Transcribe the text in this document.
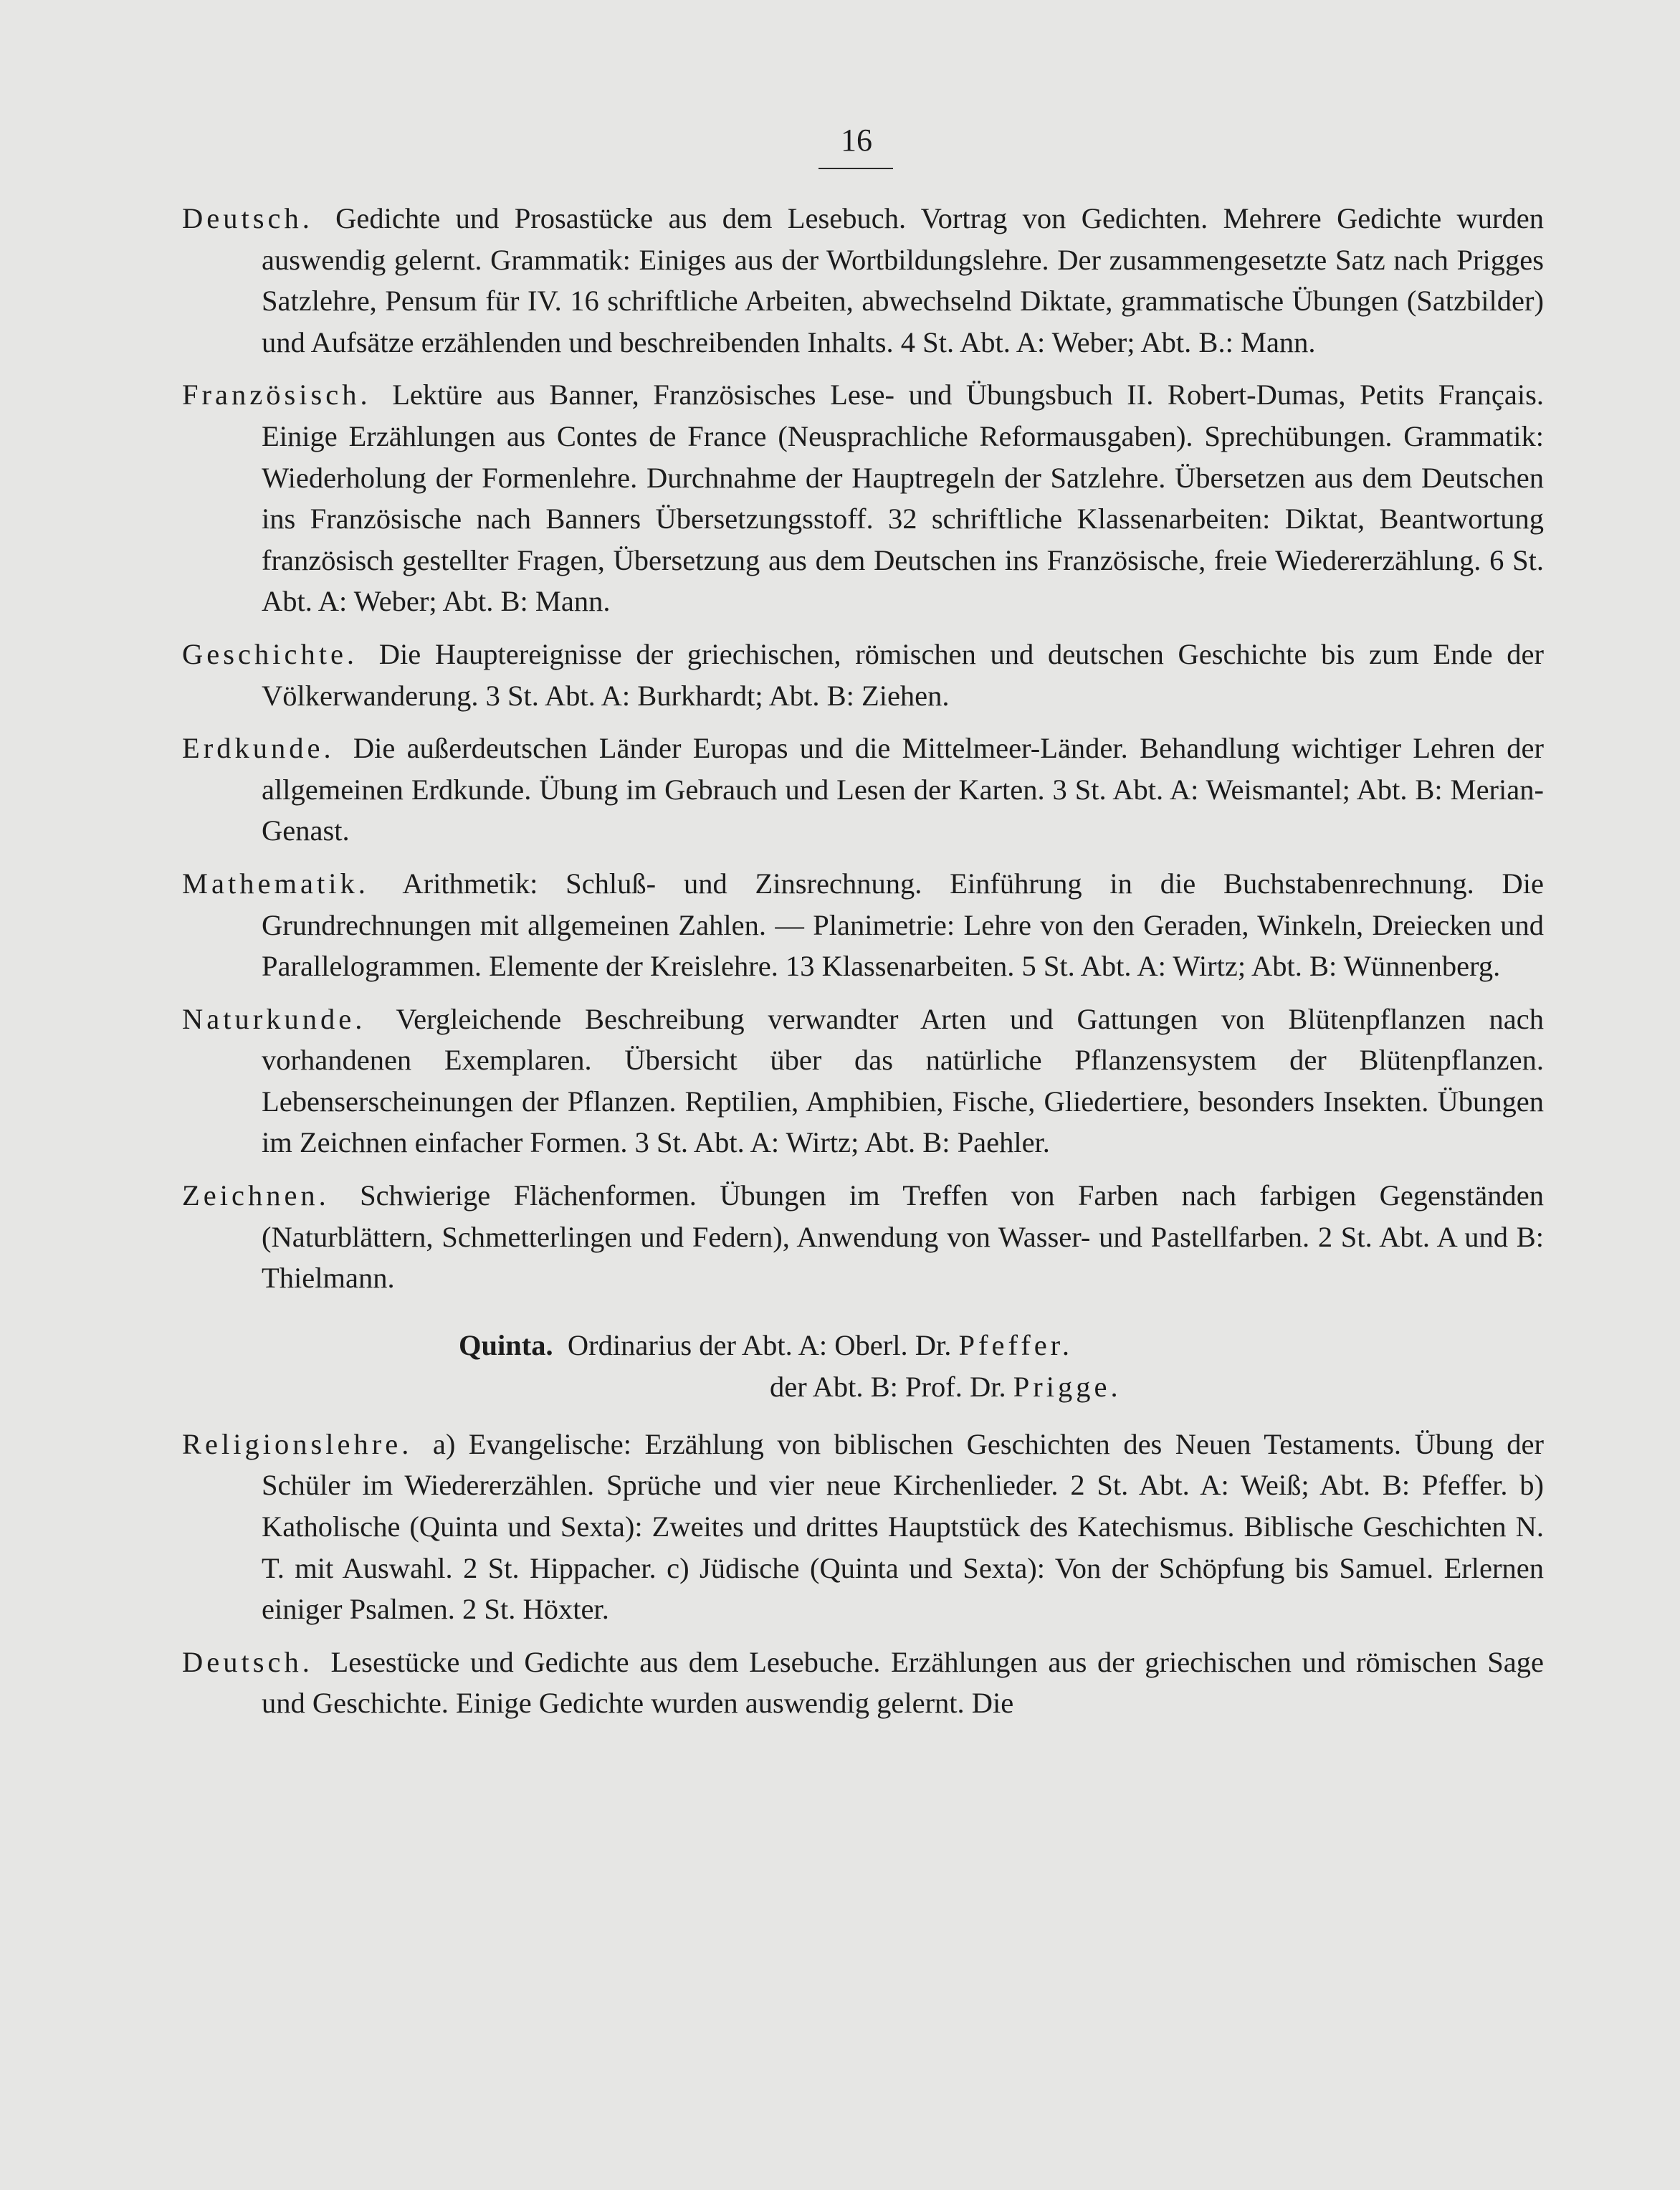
16
Deutsch. Gedichte und Prosastücke aus dem Lesebuch. Vortrag von Gedichten. Mehrere Gedichte wurden auswendig gelernt. Grammatik: Einiges aus der Wortbildungslehre. Der zusammengesetzte Satz nach Prigges Satzlehre, Pensum für IV. 16 schriftliche Arbeiten, abwechselnd Diktate, grammatische Übungen (Satzbilder) und Aufsätze erzählenden und beschreibenden Inhalts. 4 St. Abt. A: Weber; Abt. B.: Mann.
Französisch. Lektüre aus Banner, Französisches Lese- und Übungsbuch II. Robert-Dumas, Petits Français. Einige Erzählungen aus Contes de France (Neusprachliche Reformausgaben). Sprechübungen. Grammatik: Wiederholung der Formenlehre. Durchnahme der Hauptregeln der Satzlehre. Übersetzen aus dem Deutschen ins Französische nach Banners Übersetzungsstoff. 32 schriftliche Klassenarbeiten: Diktat, Beantwortung französisch gestellter Fragen, Übersetzung aus dem Deutschen ins Französische, freie Wiedererzählung. 6 St. Abt. A: Weber; Abt. B: Mann.
Geschichte. Die Hauptereignisse der griechischen, römischen und deutschen Geschichte bis zum Ende der Völkerwanderung. 3 St. Abt. A: Burkhardt; Abt. B: Ziehen.
Erdkunde. Die außerdeutschen Länder Europas und die Mittelmeer-Länder. Behandlung wichtiger Lehren der allgemeinen Erdkunde. Übung im Gebrauch und Lesen der Karten. 3 St. Abt. A: Weismantel; Abt. B: Merian-Genast.
Mathematik. Arithmetik: Schluß- und Zinsrechnung. Einführung in die Buchstabenrechnung. Die Grundrechnungen mit allgemeinen Zahlen. — Planimetrie: Lehre von den Geraden, Winkeln, Dreiecken und Parallelogrammen. Elemente der Kreislehre. 13 Klassenarbeiten. 5 St. Abt. A: Wirtz; Abt. B: Wünnenberg.
Naturkunde. Vergleichende Beschreibung verwandter Arten und Gattungen von Blütenpflanzen nach vorhandenen Exemplaren. Übersicht über das natürliche Pflanzensystem der Blütenpflanzen. Lebenserscheinungen der Pflanzen. Reptilien, Amphibien, Fische, Gliedertiere, besonders Insekten. Übungen im Zeichnen einfacher Formen. 3 St. Abt. A: Wirtz; Abt. B: Paehler.
Zeichnen. Schwierige Flächenformen. Übungen im Treffen von Farben nach farbigen Gegenständen (Naturblättern, Schmetterlingen und Federn), Anwendung von Wasser- und Pastellfarben. 2 St. Abt. A und B: Thielmann.
Quinta. Ordinarius der Abt. A: Oberl. Dr. Pfeffer.
der Abt. B: Prof. Dr. Prigge.
Religionslehre. a) Evangelische: Erzählung von biblischen Geschichten des Neuen Testaments. Übung der Schüler im Wiedererzählen. Sprüche und vier neue Kirchenlieder. 2 St. Abt. A: Weiß; Abt. B: Pfeffer. b) Katholische (Quinta und Sexta): Zweites und drittes Hauptstück des Katechismus. Biblische Geschichten N. T. mit Auswahl. 2 St. Hippacher. c) Jüdische (Quinta und Sexta): Von der Schöpfung bis Samuel. Erlernen einiger Psalmen. 2 St. Höxter.
Deutsch. Lesestücke und Gedichte aus dem Lesebuche. Erzählungen aus der griechischen und römischen Sage und Geschichte. Einige Gedichte wurden auswendig gelernt. Die
